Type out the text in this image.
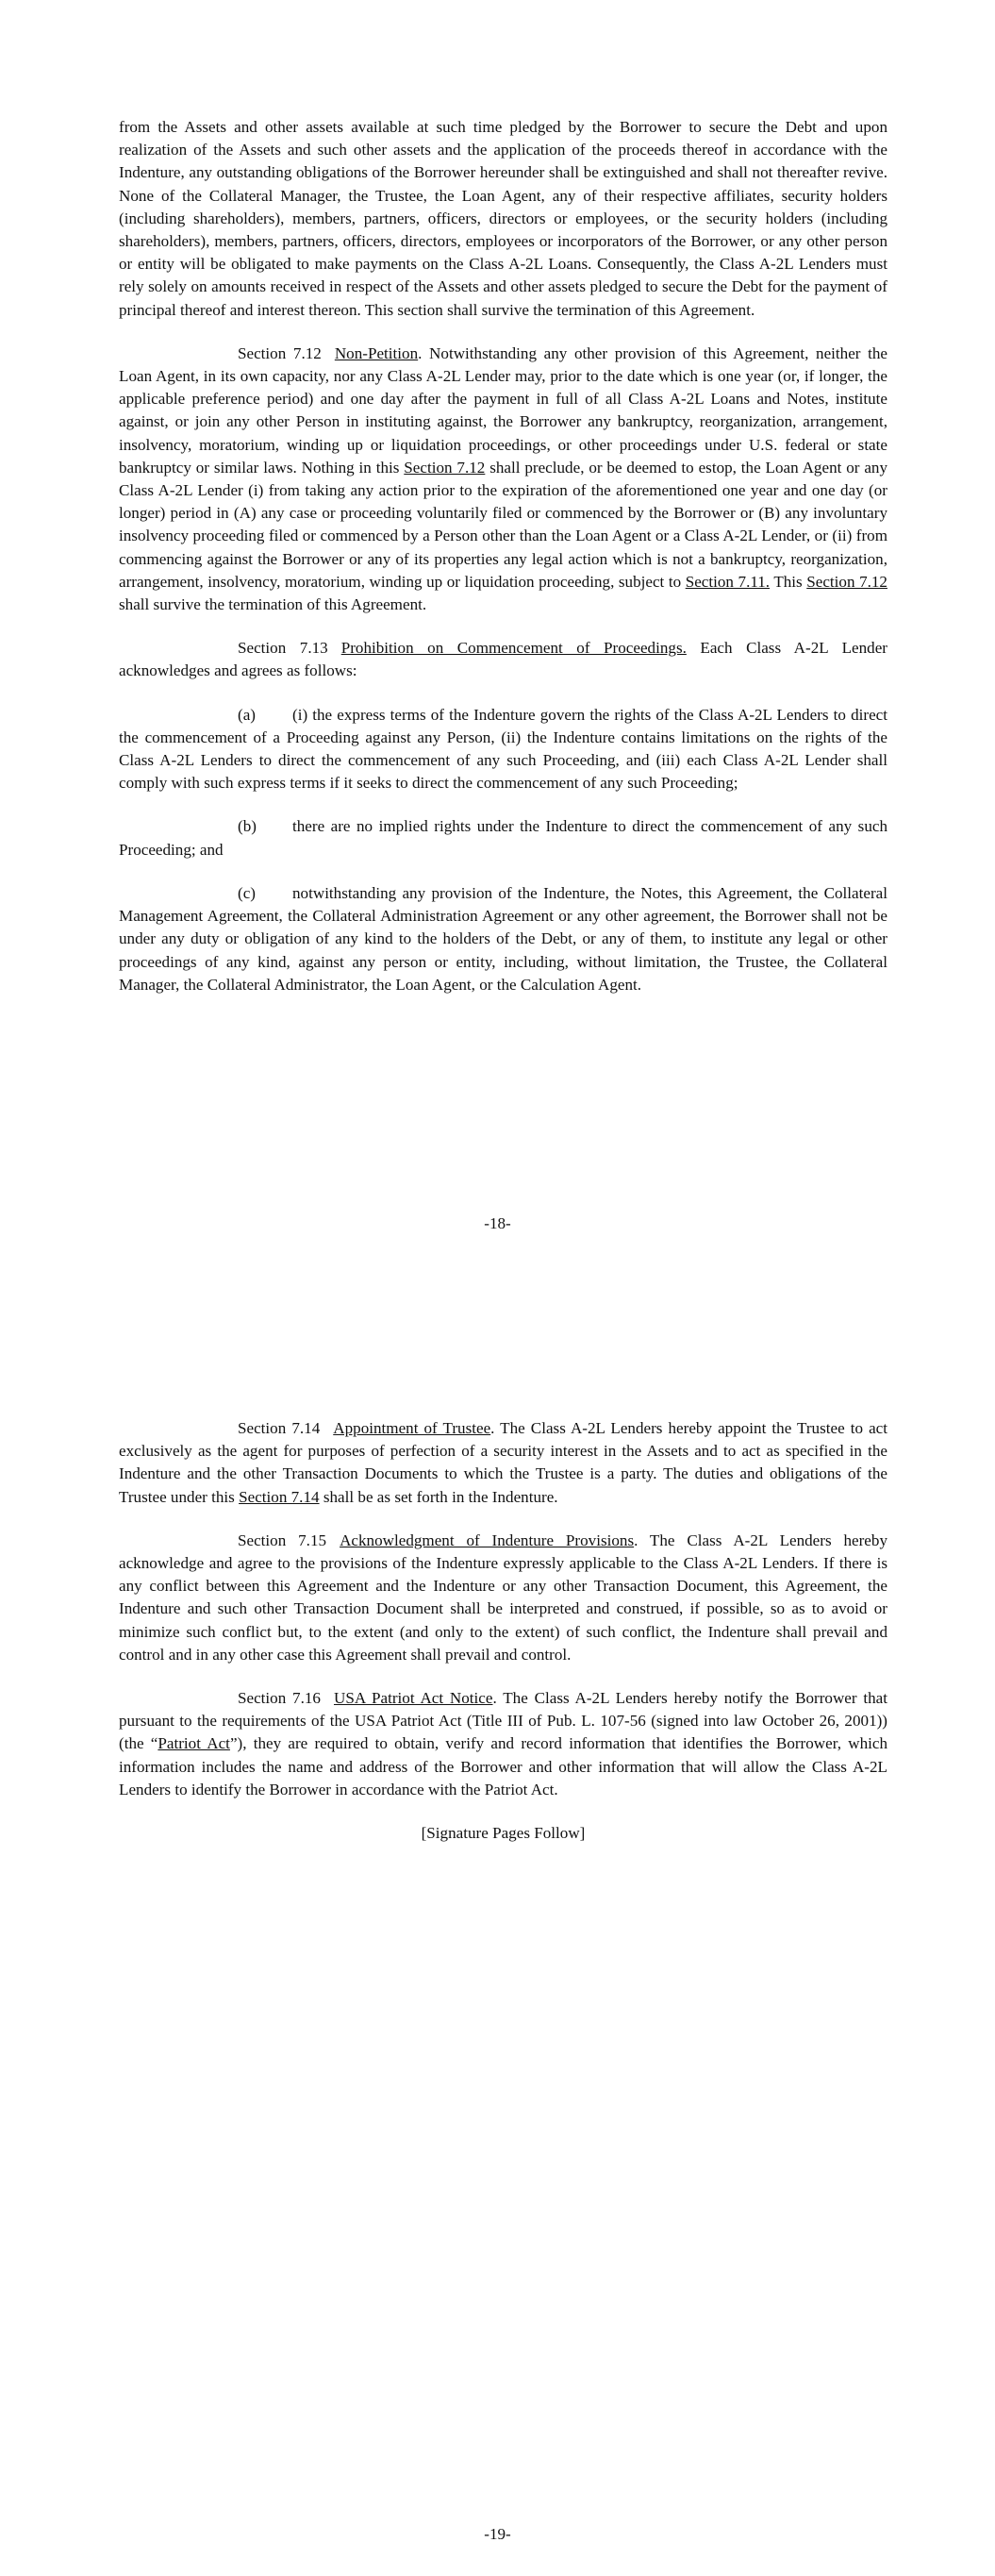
from the Assets and other assets available at such time pledged by the Borrower to secure the Debt and upon realization of the Assets and such other assets and the application of the proceeds thereof in accordance with the Indenture, any outstanding obligations of the Borrower hereunder shall be extinguished and shall not thereafter revive. None of the Collateral Manager, the Trustee, the Loan Agent, any of their respective affiliates, security holders (including shareholders), members, partners, officers, directors or employees, or the security holders (including shareholders), members, partners, officers, directors, employees or incorporators of the Borrower, or any other person or entity will be obligated to make payments on the Class A-2L Loans. Consequently, the Class A-2L Lenders must rely solely on amounts received in respect of the Assets and other assets pledged to secure the Debt for the payment of principal thereof and interest thereon. This section shall survive the termination of this Agreement.

Section 7.12 Non-Petition. Notwithstanding any other provision of this Agreement, neither the Loan Agent, in its own capacity, nor any Class A-2L Lender may, prior to the date which is one year (or, if longer, the applicable preference period) and one day after the payment in full of all Class A-2L Loans and Notes, institute against, or join any other Person in instituting against, the Borrower any bankruptcy, reorganization, arrangement, insolvency, moratorium, winding up or liquidation proceedings, or other proceedings under U.S. federal or state bankruptcy or similar laws. Nothing in this Section 7.12 shall preclude, or be deemed to estop, the Loan Agent or any Class A-2L Lender (i) from taking any action prior to the expiration of the aforementioned one year and one day (or longer) period in (A) any case or proceeding voluntarily filed or commenced by the Borrower or (B) any involuntary insolvency proceeding filed or commenced by a Person other than the Loan Agent or a Class A-2L Lender, or (ii) from commencing against the Borrower or any of its properties any legal action which is not a bankruptcy, reorganization, arrangement, insolvency, moratorium, winding up or liquidation proceeding, subject to Section 7.11. This Section 7.12 shall survive the termination of this Agreement.

Section 7.13 Prohibition on Commencement of Proceedings. Each Class A-2L Lender acknowledges and agrees as follows:

(a) (i) the express terms of the Indenture govern the rights of the Class A-2L Lenders to direct the commencement of a Proceeding against any Person, (ii) the Indenture contains limitations on the rights of the Class A-2L Lenders to direct the commencement of any such Proceeding, and (iii) each Class A-2L Lender shall comply with such express terms if it seeks to direct the commencement of any such Proceeding;

(b) there are no implied rights under the Indenture to direct the commencement of any such Proceeding; and

(c) notwithstanding any provision of the Indenture, the Notes, this Agreement, the Collateral Management Agreement, the Collateral Administration Agreement or any other agreement, the Borrower shall not be under any duty or obligation of any kind to the holders of the Debt, or any of them, to institute any legal or other proceedings of any kind, against any person or entity, including, without limitation, the Trustee, the Collateral Manager, the Collateral Administrator, the Loan Agent, or the Calculation Agent.

-18-

Section 7.14 Appointment of Trustee. The Class A-2L Lenders hereby appoint the Trustee to act exclusively as the agent for purposes of perfection of a security interest in the Assets and to act as specified in the Indenture and the other Transaction Documents to which the Trustee is a party. The duties and obligations of the Trustee under this Section 7.14 shall be as set forth in the Indenture.

Section 7.15 Acknowledgment of Indenture Provisions. The Class A-2L Lenders hereby acknowledge and agree to the provisions of the Indenture expressly applicable to the Class A-2L Lenders. If there is any conflict between this Agreement and the Indenture or any other Transaction Document, this Agreement, the Indenture and such other Transaction Document shall be interpreted and construed, if possible, so as to avoid or minimize such conflict but, to the extent (and only to the extent) of such conflict, the Indenture shall prevail and control and in any other case this Agreement shall prevail and control.

Section 7.16 USA Patriot Act Notice. The Class A-2L Lenders hereby notify the Borrower that pursuant to the requirements of the USA Patriot Act (Title III of Pub. L. 107-56 (signed into law October 26, 2001)) (the “Patriot Act”), they are required to obtain, verify and record information that identifies the Borrower, which information includes the name and address of the Borrower and other information that will allow the Class A-2L Lenders to identify the Borrower in accordance with the Patriot Act.

[Signature Pages Follow]

-19-
